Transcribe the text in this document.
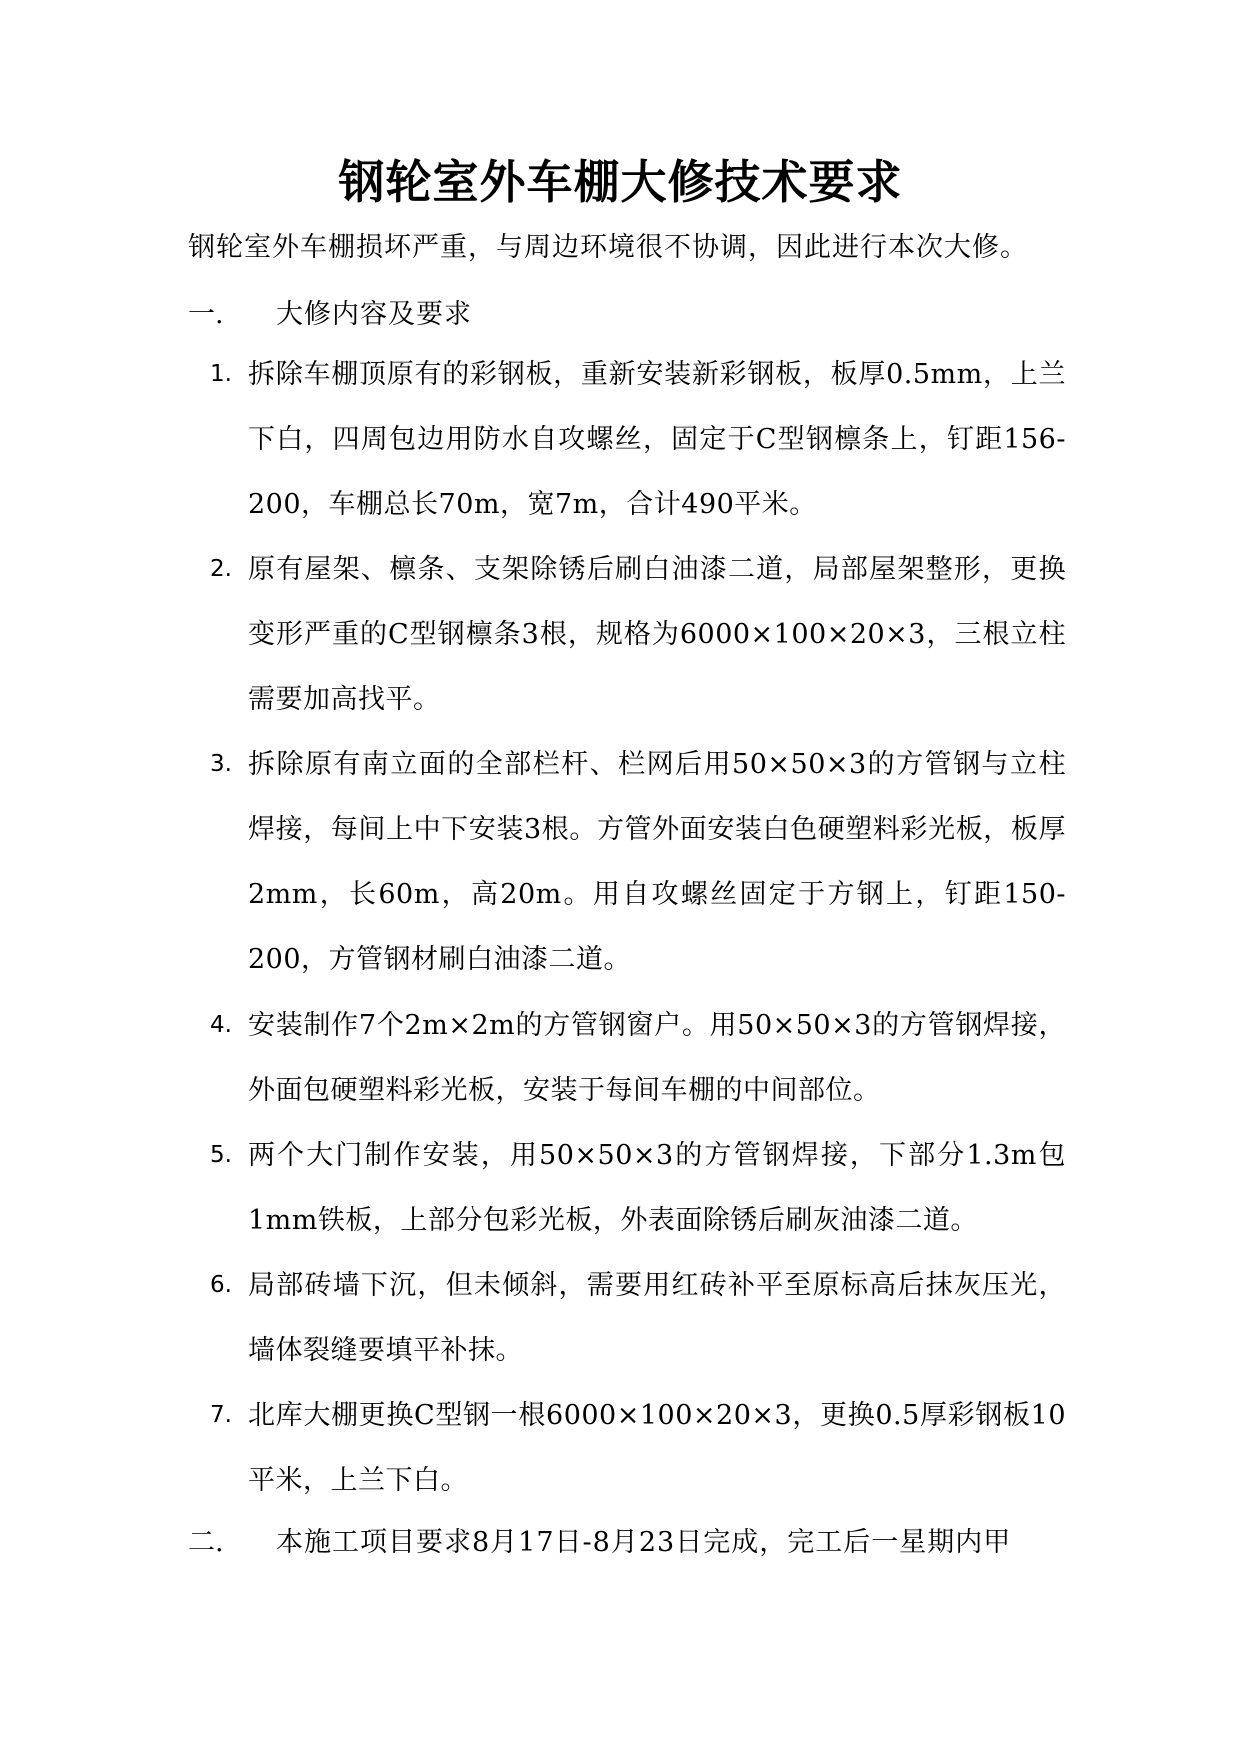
钢轮室外车棚大修技术要求
钢轮室外车棚损坏严重，与周边环境很不协调，因此进行本次大修。
一. 大修内容及要求
1. 拆除车棚顶原有的彩钢板，重新安装新彩钢板，板厚0.5mm，上兰下白，四周包边用防水自攻螺丝，固定于C型钢檩条上，钉距156-200，车棚总长70m，宽7m，合计490平米。
2. 原有屋架、檩条、支架除锈后刷白油漆二道，局部屋架整形，更换变形严重的C型钢檩条3根，规格为6000×100×20×3，三根立柱需要加高找平。
3. 拆除原有南立面的全部栏杆、栏网后用50×50×3的方管钢与立柱焊接，每间上中下安装3根。方管外面安装白色硬塑料彩光板，板厚2mm，长60m，高20m。用自攻螺丝固定于方钢上，钉距150-200，方管钢材刷白油漆二道。
4. 安装制作7个2m×2m的方管钢窗户。用50×50×3的方管钢焊接，外面包硬塑料彩光板，安装于每间车棚的中间部位。
5. 两个大门制作安装，用50×50×3的方管钢焊接，下部分1.3m包1mm铁板，上部分包彩光板，外表面除锈后刷灰油漆二道。
6. 局部砖墙下沉，但未倾斜，需要用红砖补平至原标高后抹灰压光，墙体裂缝要填平补抹。
7. 北库大棚更换C型钢一根6000×100×20×3，更换0.5厚彩钢板10平米，上兰下白。
二. 本施工项目要求8月17日-8月23日完成，完工后一星期内甲
